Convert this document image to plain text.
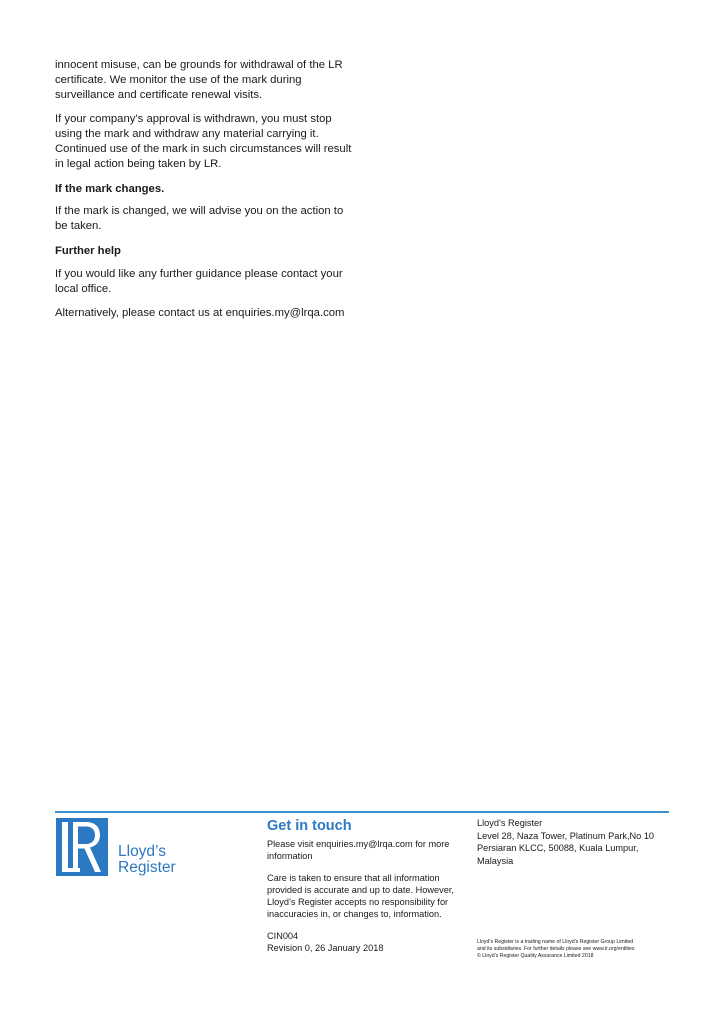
innocent misuse, can be grounds for withdrawal of the LR certificate. We monitor the use of the mark during surveillance and certificate renewal visits.

If your company’s approval is withdrawn, you must stop using the mark and withdraw any material carrying it. Continued use of the mark in such circumstances will result in legal action being taken by LR.

If the mark changes.

If the mark is changed, we will advise you on the action to be taken.

Further help

If you would like any further guidance please contact your local office.

Alternatively, please contact us at enquiries.my@lrqa.com

Lloyd’s
Register
Get in touch

Please visit enquiries.my@lrqa.com for more information

Care is taken to ensure that all information provided is accurate and up to date. However, Lloyd’s Register accepts no responsibility for inaccuracies in, or changes to, information.

CIN004
Revision 0, 26 January 2018

Lloyd’s Register

Level 28, Naza Tower, Platinum Park,No 10

Persiaran KLCC, 50088, Kuala Lumpur,

Malaysia

Lloyd’s Register is a trading name of Lloyd’s Register Group Limited

and its subsidiaries. For further details please see www.lr.org/entities

© Lloyd’s Register Quality Assurance Limited 2018
